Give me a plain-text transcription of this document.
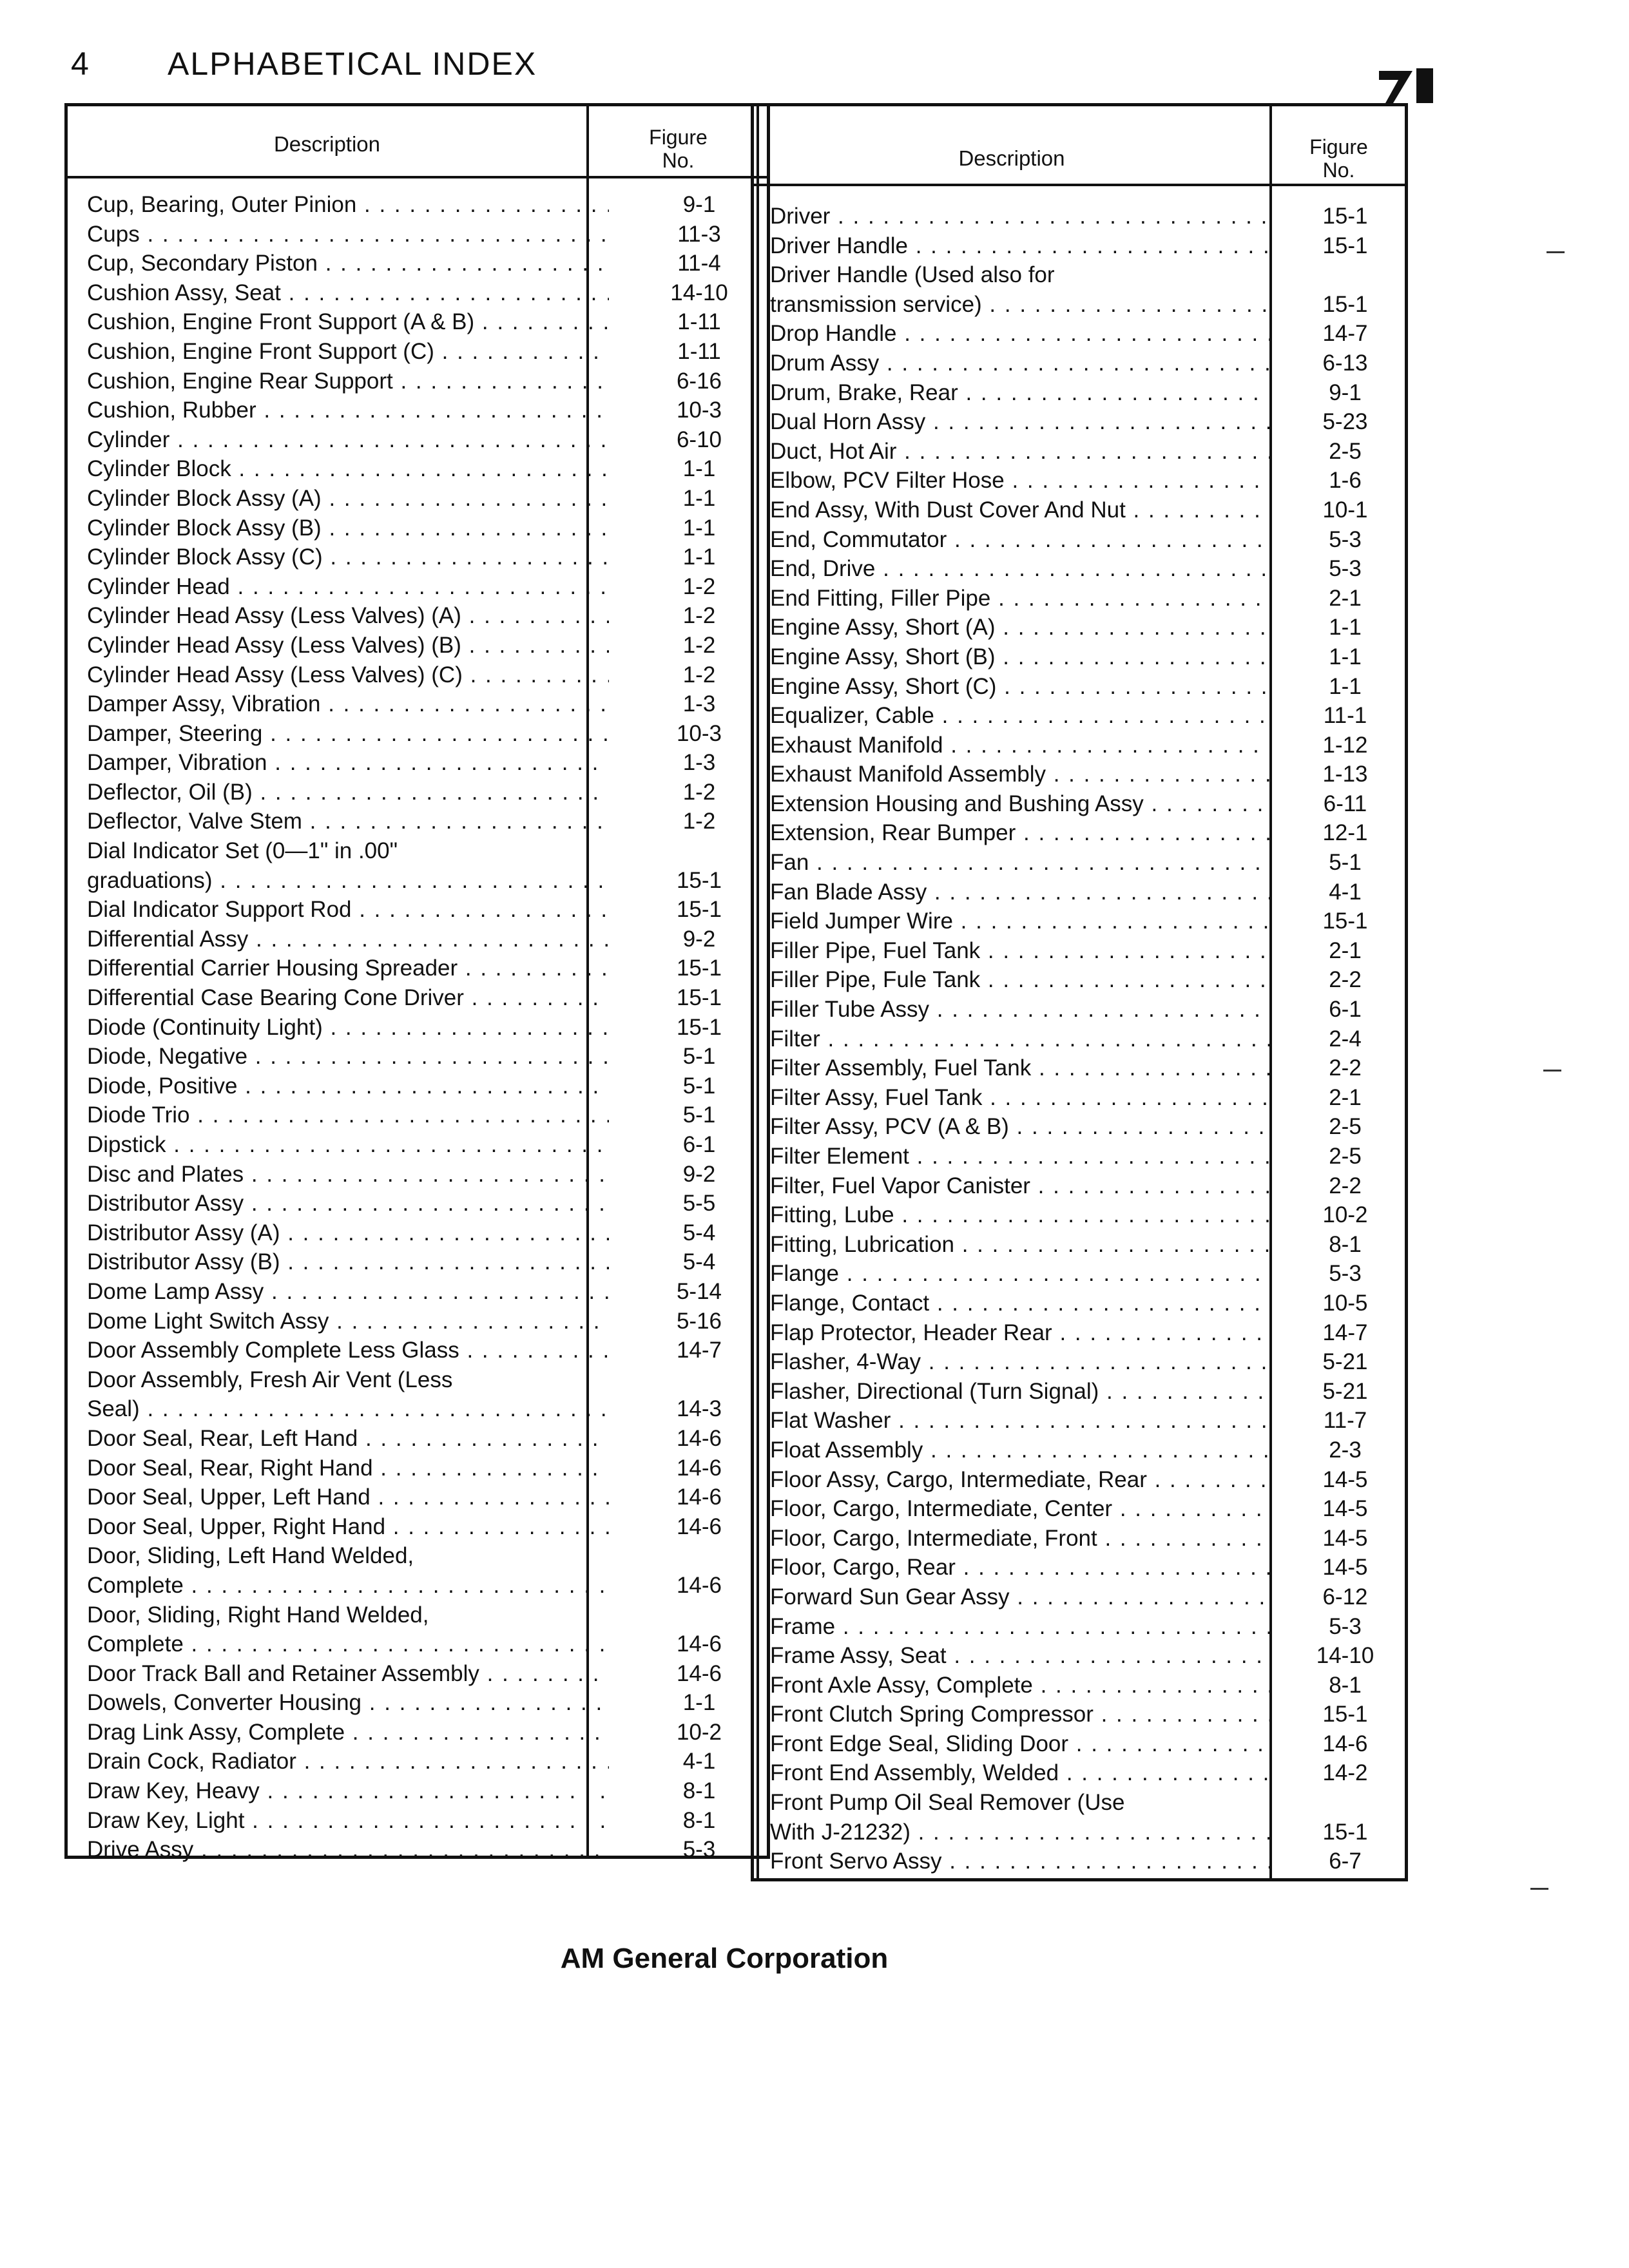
4 ALPHABETICAL INDEX
Description	Figure
No.
Cup, Bearing, Outer Pinion . . .	9-1
Cups . . .	11-3
Cup, Secondary Piston . . .	11-4
Cushion Assy, Seat . . .	14-10
Cushion, Engine Front Support (A & B) . . .	1-11
Cushion, Engine Front Support (C) . . .	1-11
Cushion, Engine Rear Support . . .	6-16
Cushion, Rubber . . .	10-3
Cylinder . . .	6-10
Cylinder Block . . .	1-1
Cylinder Block Assy (A) . . .	1-1
Cylinder Block Assy (B) . . .	1-1
Cylinder Block Assy (C) . . .	1-1
Cylinder Head . . .	1-2
Cylinder Head Assy (Less Valves) (A) . . .	1-2
Cylinder Head Assy (Less Valves) (B) . . .	1-2
Cylinder Head Assy (Less Valves) (C) . . .	1-2
Damper Assy, Vibration . . .	1-3
Damper, Steering . . .	10-3
Damper, Vibration . . .	1-3
Deflector, Oil (B) . . .	1-2
Deflector, Valve Stem . . .	1-2
Dial Indicator Set (0—1" in .00"
graduations) . . .	15-1
Dial Indicator Support Rod . . .	15-1
Differential Assy . . .	9-2
Differential Carrier Housing Spreader . . .	15-1
Differential Case Bearing Cone Driver . . .	15-1
Diode (Continuity Light) . . .	15-1
Diode, Negative . . .	5-1
Diode, Positive . . .	5-1
Diode Trio . . .	5-1
Dipstick . . .	6-1
Disc and Plates . . .	9-2
Distributor Assy . . .	5-5
Distributor Assy (A) . . .	5-4
Distributor Assy (B) . . .	5-4
Dome Lamp Assy . . .	5-14
Dome Light Switch Assy . . .	5-16
Door Assembly Complete Less Glass . . .	14-7
Door Assembly, Fresh Air Vent (Less
Seal) . . .	14-3
Door Seal, Rear, Left Hand . . .	14-6
Door Seal, Rear, Right Hand . . .	14-6
Door Seal, Upper, Left Hand . . .	14-6
Door Seal, Upper, Right Hand . . .	14-6
Door, Sliding, Left Hand Welded,
Complete . . .	14-6
Door, Sliding, Right Hand Welded,
Complete . . .	14-6
Door Track Ball and Retainer Assembly . . .	14-6
Dowels, Converter Housing . . .	1-1
Drag Link Assy, Complete . . .	10-2
Drain Cock, Radiator . . .	4-1
Draw Key, Heavy . . .	8-1
Draw Key, Light . . .	8-1
Drive Assy . . .	5-3
Description	Figure
No.
Driver . . .	15-1
Driver Handle . . .	15-1
Driver Handle (Used also for
transmission service) . . .	15-1
Drop Handle . . .	14-7
Drum Assy . . .	6-13
Drum, Brake, Rear . . .	9-1
Dual Horn Assy . . .	5-23
Duct, Hot Air . . .	2-5
Elbow, PCV Filter Hose . . .	1-6
End Assy, With Dust Cover And Nut . . .	10-1
End, Commutator . . .	5-3
End, Drive . . .	5-3
End Fitting, Filler Pipe . . .	2-1
Engine Assy, Short (A) . . .	1-1
Engine Assy, Short (B) . . .	1-1
Engine Assy, Short (C) . . .	1-1
Equalizer, Cable . . .	11-1
Exhaust Manifold . . .	1-12
Exhaust Manifold Assembly . . .	1-13
Extension Housing and Bushing Assy . . .	6-11
Extension, Rear Bumper . . .	12-1
Fan . . .	5-1
Fan Blade Assy . . .	4-1
Field Jumper Wire . . .	15-1
Filler Pipe, Fuel Tank . . .	2-1
Filler Pipe, Fule Tank . . .	2-2
Filler Tube Assy . . .	6-1
Filter . . .	2-4
Filter Assembly, Fuel Tank . . .	2-2
Filter Assy, Fuel Tank . . .	2-1
Filter Assy, PCV (A & B) . . .	2-5
Filter Element . . .	2-5
Filter, Fuel Vapor Canister . . .	2-2
Fitting, Lube . . .	10-2
Fitting, Lubrication . . .	8-1
Flange . . .	5-3
Flange, Contact . . .	10-5
Flap Protector, Header Rear . . .	14-7
Flasher, 4-Way . . .	5-21
Flasher, Directional (Turn Signal) . . .	5-21
Flat Washer . . .	11-7
Float Assembly . . .	2-3
Floor Assy, Cargo, Intermediate, Rear . . .	14-5
Floor, Cargo, Intermediate, Center . . .	14-5
Floor, Cargo, Intermediate, Front . . .	14-5
Floor, Cargo, Rear . . .	14-5
Forward Sun Gear Assy . . .	6-12
Frame . . .	5-3
Frame Assy, Seat . . .	14-10
Front Axle Assy, Complete . . .	8-1
Front Clutch Spring Compressor . . .	15-1
Front Edge Seal, Sliding Door . . .	14-6
Front End Assembly, Welded . . .	14-2
Front Pump Oil Seal Remover (Use
With J-21232) . . .	15-1
Front Servo Assy . . .	6-7
AM General Corporation
